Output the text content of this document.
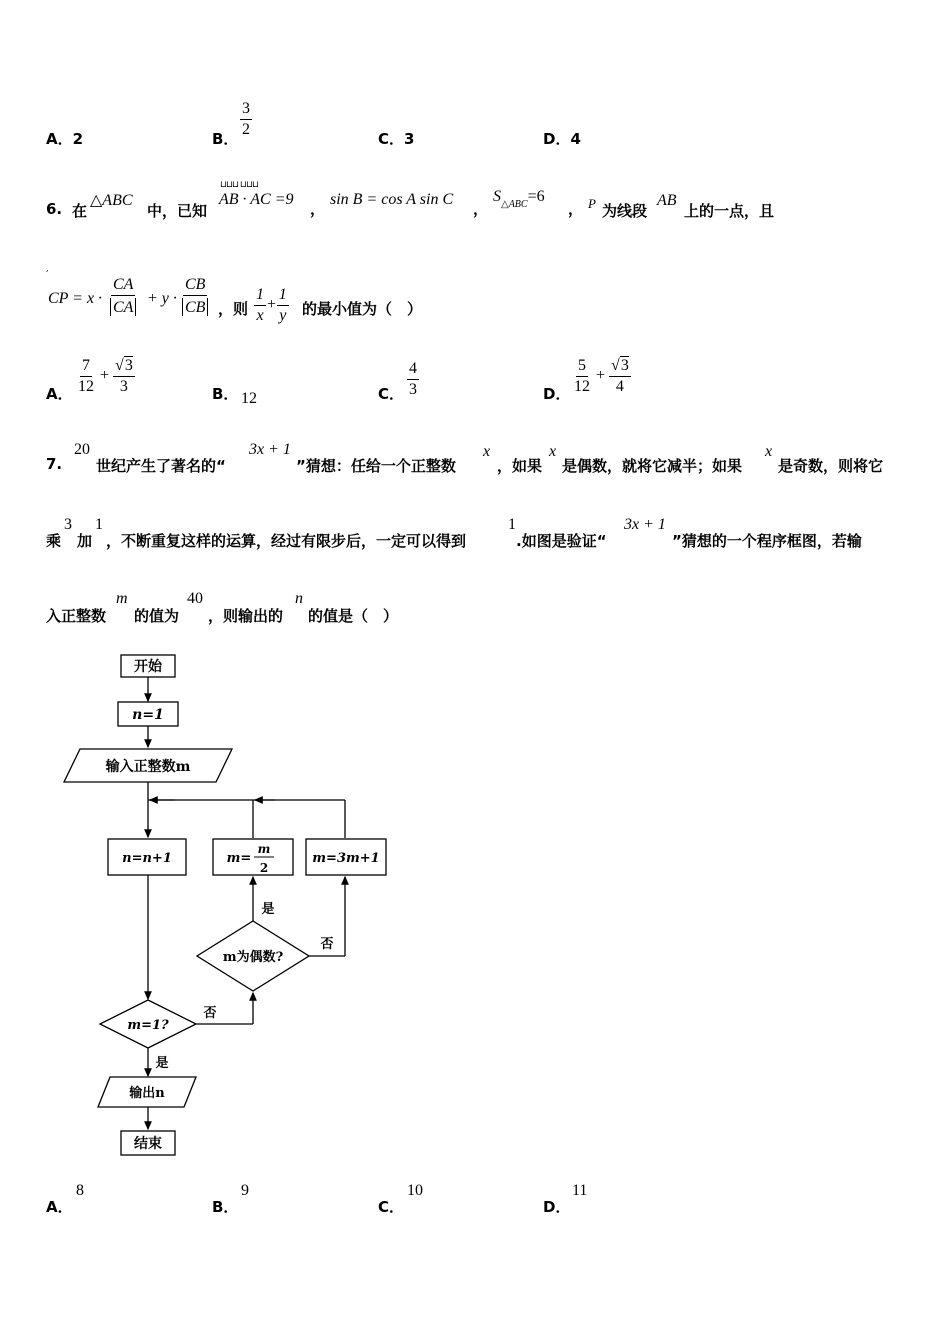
A．2	B．
$\frac{3}{2}$
C．3	D．4
6. 在
△ABC
中，已知
⊔⊔⊔ ⊔⊔⊔
AB · AC =9
，
sin B = cos A sin C
，
$S_{\triangle ABC}=6$
， P 为线段
AB
上的一点，且
,
CP = $x \cdot \frac{CA}{CA} + y \cdot \frac{CB}{CB}$ ，则 $\frac{1}{x} + \frac{1}{y}$ 的最小值为（　）
A． $\frac{7}{12} + \frac{√3}{3}$	B． 12	C． $\frac{4}{3}$	D． $\frac{5}{12} + \frac{√3}{4}$
7.
20
世纪产生了著名的“
3x + 1
”猜想：任给一个正整数
x
，如果
x
是偶数，就将它减半；如果
x
是奇数，则将它
乘
3
加
1
，不断重复这样的运算，经过有限步后，一定可以得到
1
.如图是验证“
3x + 1
”猜想的一个程序框图，若输
入正整数
m
的值为
40
，则输出的
n
的值是（　）
开始
n=1
输入正整数m
n=n+1	m=
m
2
m=3m+1
m为偶数?
是
否
m=1?
否
是
输出n
结束
A．
8
B．
9
C．
10
D．
11
